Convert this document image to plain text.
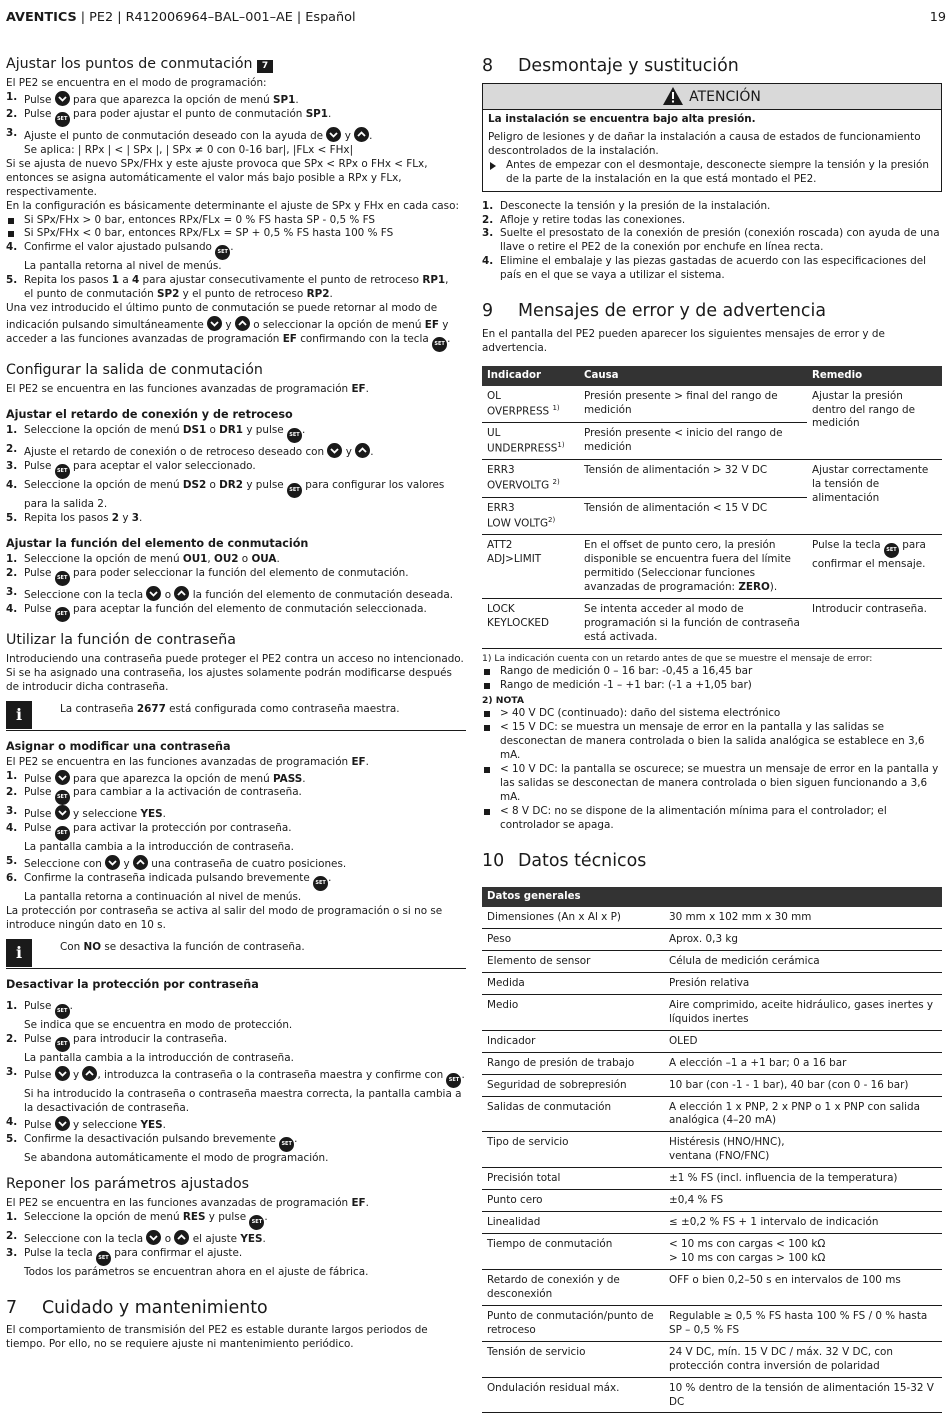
AVENTICS | PE2 | R412006964–BAL–001–AE | Español	19
Ajustar los puntos de conmutación 7

El PE2 se encuentra en el modo de programación:

1. Pulse  para que aparezca la opción de menú SP1.
2. Pulse SET para poder ajustar el punto de conmutación SP1.
3. Ajuste el punto de conmutación deseado con la ayuda de  y .
Se aplica: | RPx | < | SPx |, | SPx ≠ 0 con 0-16 bar|, |FLx < FHx|

Si se ajusta de nuevo SPx/FHx y este ajuste provoca que SPx < RPx o FHx < FLx, entonces se asigna automáticamente el valor más bajo posible a RPx y FLx, respectivamente.

En la configuración es básicamente determinante el ajuste de SPx y FHx en cada caso:

Si SPx/FHx > 0 bar, entonces RPx/FLx = 0 % FS hasta SP - 0,5 % FS
Si SPx/FHx < 0 bar, entonces RPx/FLx = SP + 0,5 % FS hasta 100 % FS
4. Confirme el valor ajustado pulsando SET .
La pantalla retorna al nivel de menús.
5. Repita los pasos 1 a 4 para ajustar consecutivamente el punto de retroceso RP1,
el punto de conmutación SP2 y el punto de retroceso RP2.

Una vez introducido el último punto de conmutación se puede retornar al modo de indicación pulsando simultáneamente  y  o seleccionar la opción de menú EF y acceder a las funciones avanzadas de programación EF confirmando con la tecla SET .

Configurar la salida de conmutación

El PE2 se encuentra en las funciones avanzadas de programación EF.

Ajustar el retardo de conexión y de retroceso
1. Seleccione la opción de menú DS1 o DR1 y pulse SET .
2. Ajuste el retardo de conexión o de retroceso deseado con  y .
3. Pulse SET para aceptar el valor seleccionado.
4. Seleccione la opción de menú DS2 o DR2 y pulse SET para configurar los valores para la salida 2.
5. Repita los pasos 2 y 3.
Ajustar la función del elemento de conmutación
1. Seleccione la opción de menú OU1, OU2 o OUA.
2. Pulse SET para poder seleccionar la función del elemento de conmutación.
3. Seleccione con la tecla  o  la función del elemento de conmutación deseada.
4. Pulse SET para aceptar la función del elemento de conmutación seleccionada.
Utilizar la función de contraseña

Introduciendo una contraseña puede proteger el PE2 contra un acceso no intencionado. Si se ha asignado una contraseña, los ajustes solamente podrán modificarse después de introducir dicha contraseña.

i	La contraseña 2677 está configurada como contraseña maestra.
Asignar o modificar una contraseña

El PE2 se encuentra en las funciones avanzadas de programación EF.

1. Pulse  para que aparezca la opción de menú PASS.
2. Pulse SET para cambiar a la activación de contraseña.
3. Pulse  y seleccione YES.
4. Pulse SET para activar la protección por contraseña.
La pantalla cambia a la introducción de contraseña.
5. Seleccione con  y  una contraseña de cuatro posiciones.
6. Confirme la contraseña indicada pulsando brevemente SET .
La pantalla retorna a continuación al nivel de menús.

La protección por contraseña se activa al salir del modo de programación o si no se introduce ningún dato en 10 s.

i	Con NO se desactiva la función de contraseña.
Desactivar la protección por contraseña
1. Pulse SET .
Se indica que se encuentra en modo de protección.
2. Pulse SET para introducir la contraseña.
La pantalla cambia a la introducción de contraseña.
3. Pulse  y , introduzca la contraseña o la contraseña maestra y confirme con SET .
Si ha introducido la contraseña o contraseña maestra correcta, la pantalla cambia a la desactivación de contraseña.
4. Pulse  y seleccione YES.
5. Confirme la desactivación pulsando brevemente SET .
Se abandona automáticamente el modo de programación.
Reponer los parámetros ajustados

El PE2 se encuentra en las funciones avanzadas de programación EF.

1. Seleccione la opción de menú RES y pulse SET .
2. Seleccione con la tecla  o  el ajuste YES.
3. Pulse la tecla SET para confirmar el ajuste.
Todos los parámetros se encuentran ahora en el ajuste de fábrica.
7 Cuidado y mantenimiento

El comportamiento de transmisión del PE2 es estable durante largos periodos de tiempo. Por ello, no se requiere ajuste ni mantenimiento periódico.

8 Desmontaje y sustitución
ATENCIÓN

La instalación se encuentra bajo alta presión.

Peligro de lesiones y de dañar la instalación a causa de estados de funcionamiento descontrolados de la instalación.

Antes de empezar con el desmontaje, desconecte siempre la tensión y la presión de la parte de la instalación en la que está montado el PE2.

1. Desconecte la tensión y la presión de la instalación.
2. Afloje y retire todas las conexiones.
3. Suelte el presostato de la conexión de presión (conexión roscada) con ayuda de una llave o retire el PE2 de la conexión por enchufe en línea recta.
4. Elimine el embalaje y las piezas gastadas de acuerdo con las especificaciones del país en el que se vaya a utilizar el sistema.
9 Mensajes de error y de advertencia

En el pantalla del PE2 pueden aparecer los siguientes mensajes de error y de advertencia.

Indicador	Causa	Remedio
OL
OVERPRESS $^{1)}$	Presión presente > final del rango de medición	Ajustar la presión dentro del rango de medición
UL
UNDERPRESS$^{1)}$	Presión presente < inicio del rango de medición	
ERR3
OVERVOLTG $^{2)}$	Tensión de alimentación > 32 V DC	Ajustar correctamente la tensión de alimentación
ERR3
LOW VOLTG$^{2)}$	Tensión de alimentación < 15 V DC	
ATT2
ADJ>LIMIT	En el offset de punto cero, la presión disponible se encuentra fuera del límite permitido (Seleccionar funciones avanzadas de programación: ZERO).	Pulse la tecla SET para confirmar el mensaje.
LOCK
KEYLOCKED	Se intenta acceder al modo de programación si la función de contraseña está activada.	Introducir contraseña.

1) La indicación cuenta con un retardo antes de que se muestre el mensaje de error:

Rango de medición 0 – 16 bar: -0,45 a 16,45 bar
Rango de medición -1 – +1 bar: (-1 a +1,05 bar)

2) NOTA

> 40 V DC (continuado): daño del sistema electrónico
< 15 V DC: se muestra un mensaje de error en la pantalla y las salidas se desconectan de manera controlada o bien la salida analógica se establece en 3,6 mA.
< 10 V DC: la pantalla se oscurece; se muestra un mensaje de error en la pantalla y las salidas se desconectan de manera controlada o bien siguen funcionando a 3,6 mA.
< 8 V DC: no se dispone de la alimentación mínima para el controlador; el controlador se apaga.
10 Datos técnicos
Datos generales	
Dimensiones (An x Al x P)	30 mm x 102 mm x 30 mm
Peso	Aprox. 0,3 kg
Elemento de sensor	Célula de medición cerámica
Medida	Presión relativa
Medio	Aire comprimido, aceite hidráulico, gases inertes y líquidos inertes
Indicador	OLED
Rango de presión de trabajo	A elección –1 a +1 bar; 0 a 16 bar
Seguridad de sobrepresión	10 bar (con -1 - 1 bar), 40 bar (con 0 - 16 bar)
Salidas de conmutación	A elección 1 x PNP, 2 x PNP o 1 x PNP con salida analógica (4–20 mA)
Tipo de servicio	Histéresis (HNO/HNC),
ventana (FNO/FNC)
Precisión total	±1 % FS (incl. influencia de la temperatura)
Punto cero	±0,4 % FS
Linealidad	≤ ±0,2 % FS + 1 intervalo de indicación
Tiempo de conmutación	< 10 ms con cargas < 100 kΩ
> 10 ms con cargas > 100 kΩ
Retardo de conexión y de desconexión	OFF o bien 0,2–50 s en intervalos de 100 ms
Punto de conmutación/punto de retroceso	Regulable ≥ 0,5 % FS hasta 100 % FS / 0 % hasta SP – 0,5 % FS
Tensión de servicio	24 V DC, mín. 15 V DC / máx. 32 V DC, con protección contra inversión de polaridad
Ondulación residual máx.	10 % dentro de la tensión de alimentación 15-32 V DC
